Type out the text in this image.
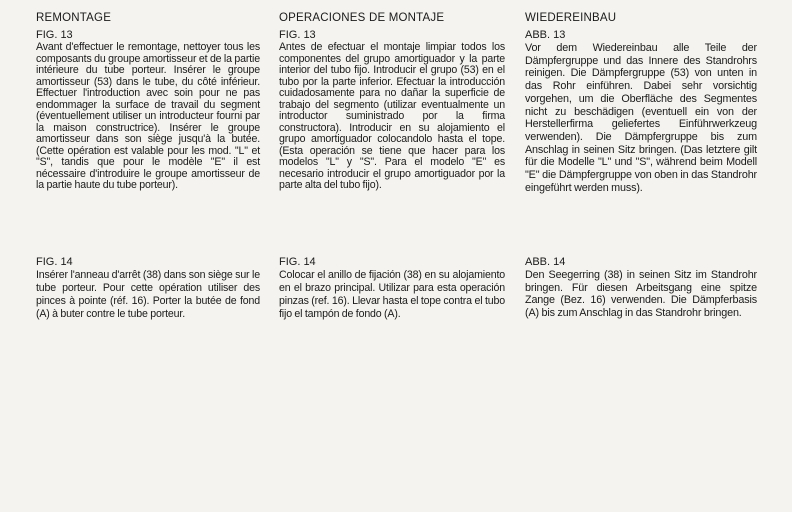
REMONTAGE
FIG. 13

Avant d'effectuer le remontage, nettoyer tous les composants du groupe amortisseur et de la partie intérieure du tube porteur. Insérer le groupe amortisseur (53) dans le tube, du côté inférieur. Effectuer l'introduction avec soin pour ne pas endommager la surface de travail du segment (éventuellement utiliser un introducteur fourni par la maison constructrice). Insérer le groupe amortisseur dans son siège jusqu'à la butée. (Cette opération est valable pour les mod. "L" et "S", tandis que pour le modèle "E" il est nécessaire d'introduire le groupe amortisseur de la partie haute du tube porteur).

FIG. 14

Insérer l'anneau d'arrêt (38) dans son siège sur le tube porteur. Pour cette opération utiliser des pinces à pointe (réf. 16). Porter la butée de fond (A) à buter contre le tube porteur.

OPERACIONES DE MONTAJE
FIG. 13

Antes de efectuar el montaje limpiar todos los componentes del grupo amortiguador y la parte interior del tubo fijo. Introducir el grupo (53) en el tubo por la parte inferior. Efectuar la introducción cuidadosamente para no dañar la superficie de trabajo del segmento (utilizar eventualmente un introductor suministrado por la firma constructora). Introducir en su alojamiento el grupo amortiguador colocandolo hasta el tope. (Esta operación se tiene que hacer para los modelos "L" y "S". Para el modelo "E" es necesario introducir el grupo amortiguador por la parte alta del tubo fijo).

FIG. 14

Colocar el anillo de fijación (38) en su alojamiento en el brazo principal. Utilizar para esta operación pinzas (ref. 16). Llevar hasta el tope contra el tubo fijo el tampón de fondo (A).

WIEDEREINBAU
ABB. 13

Vor dem Wiedereinbau alle Teile der Dämpfergruppe und das Innere des Standrohrs reinigen. Die Dämpfergruppe (53) von unten in das Rohr einführen. Dabei sehr vorsichtig vorgehen, um die Oberfläche des Segmentes nicht zu beschädigen (eventuell ein von der Herstellerfirma geliefertes Einführwerkzeug verwenden). Die Dämpfergruppe bis zum Anschlag in seinen Sitz bringen. (Das letztere gilt für die Modelle "L" und "S", während beim Modell "E" die Dämpfergruppe von oben in das Standrohr eingeführt werden muss).

ABB. 14

Den Seegerring (38) in seinen Sitz im Standrohr bringen. Für diesen Arbeitsgang eine spitze Zange (Bez. 16) verwenden. Die Dämpferbasis (A) bis zum Anschlag in das Standrohr bringen.
